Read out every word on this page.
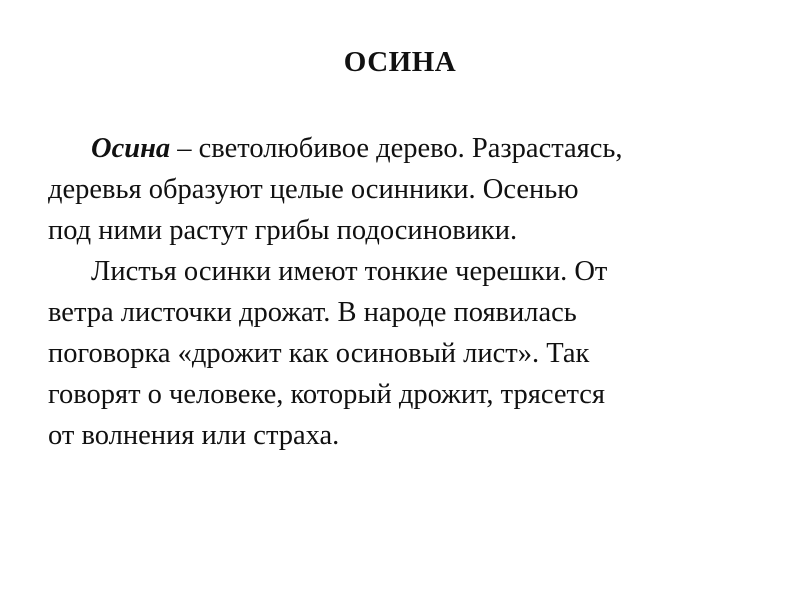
ОСИНА
Осина – светолюбивое дерево. Разрастаясь,
деревья образуют целые осинники. Осенью
под ними растут грибы подосиновики.
Листья осинки имеют тонкие черешки. От
ветра листочки дрожат. В народе появилась
поговорка «дрожит как осиновый лист». Так
говорят о человеке, который дрожит, трясется
от волнения или страха.
